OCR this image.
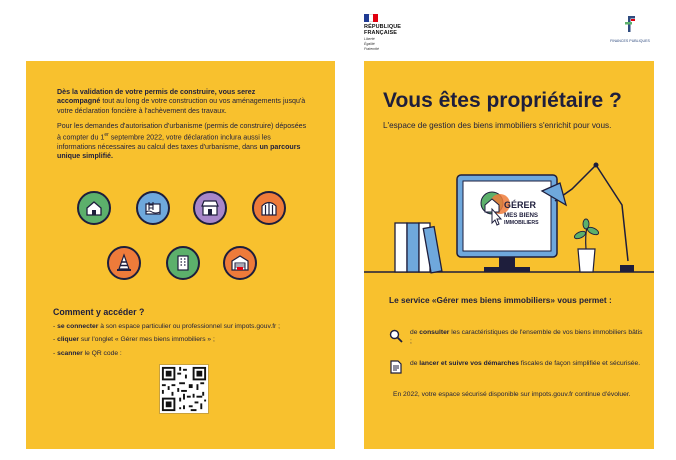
RÉPUBLIQUE
FRANÇAISE
Liberté
Égalité
Fraternité
FINANCES PUBLIQUES

Dès la validation de votre permis de construire, vous serez
accompagné tout au long de votre construction ou vos aménagements jusqu'à votre déclaration foncière à l'achèvement des travaux.

Pour les demandes d'autorisation d'urbanisme (permis de construire) déposées à compter du 1er septembre 2022, votre déclaration inclura aussi les informations nécessaires au calcul des taxes d'urbanisme, dans un parcours unique simplifié.

Comment y accéder ?
- se connecter à son espace particulier ou professionnel sur impots.gouv.fr ;
- cliquer sur l'onglet « Gérer mes biens immobiliers » ;
- scanner le QR code :
Vous êtes propriétaire ?
L'espace de gestion des biens immobiliers s'enrichit pour vous.
GÉRER
MES BIENS
IMMOBILIERS
Le service «Gérer mes biens immobiliers» vous permet :
de consulter les caractéristiques de l'ensemble de vos biens immobiliers bâtis ;
de lancer et suivre vos démarches fiscales de façon simplifiée et sécurisée.
En 2022, votre espace sécurisé disponible sur impots.gouv.fr continue d'évoluer.
